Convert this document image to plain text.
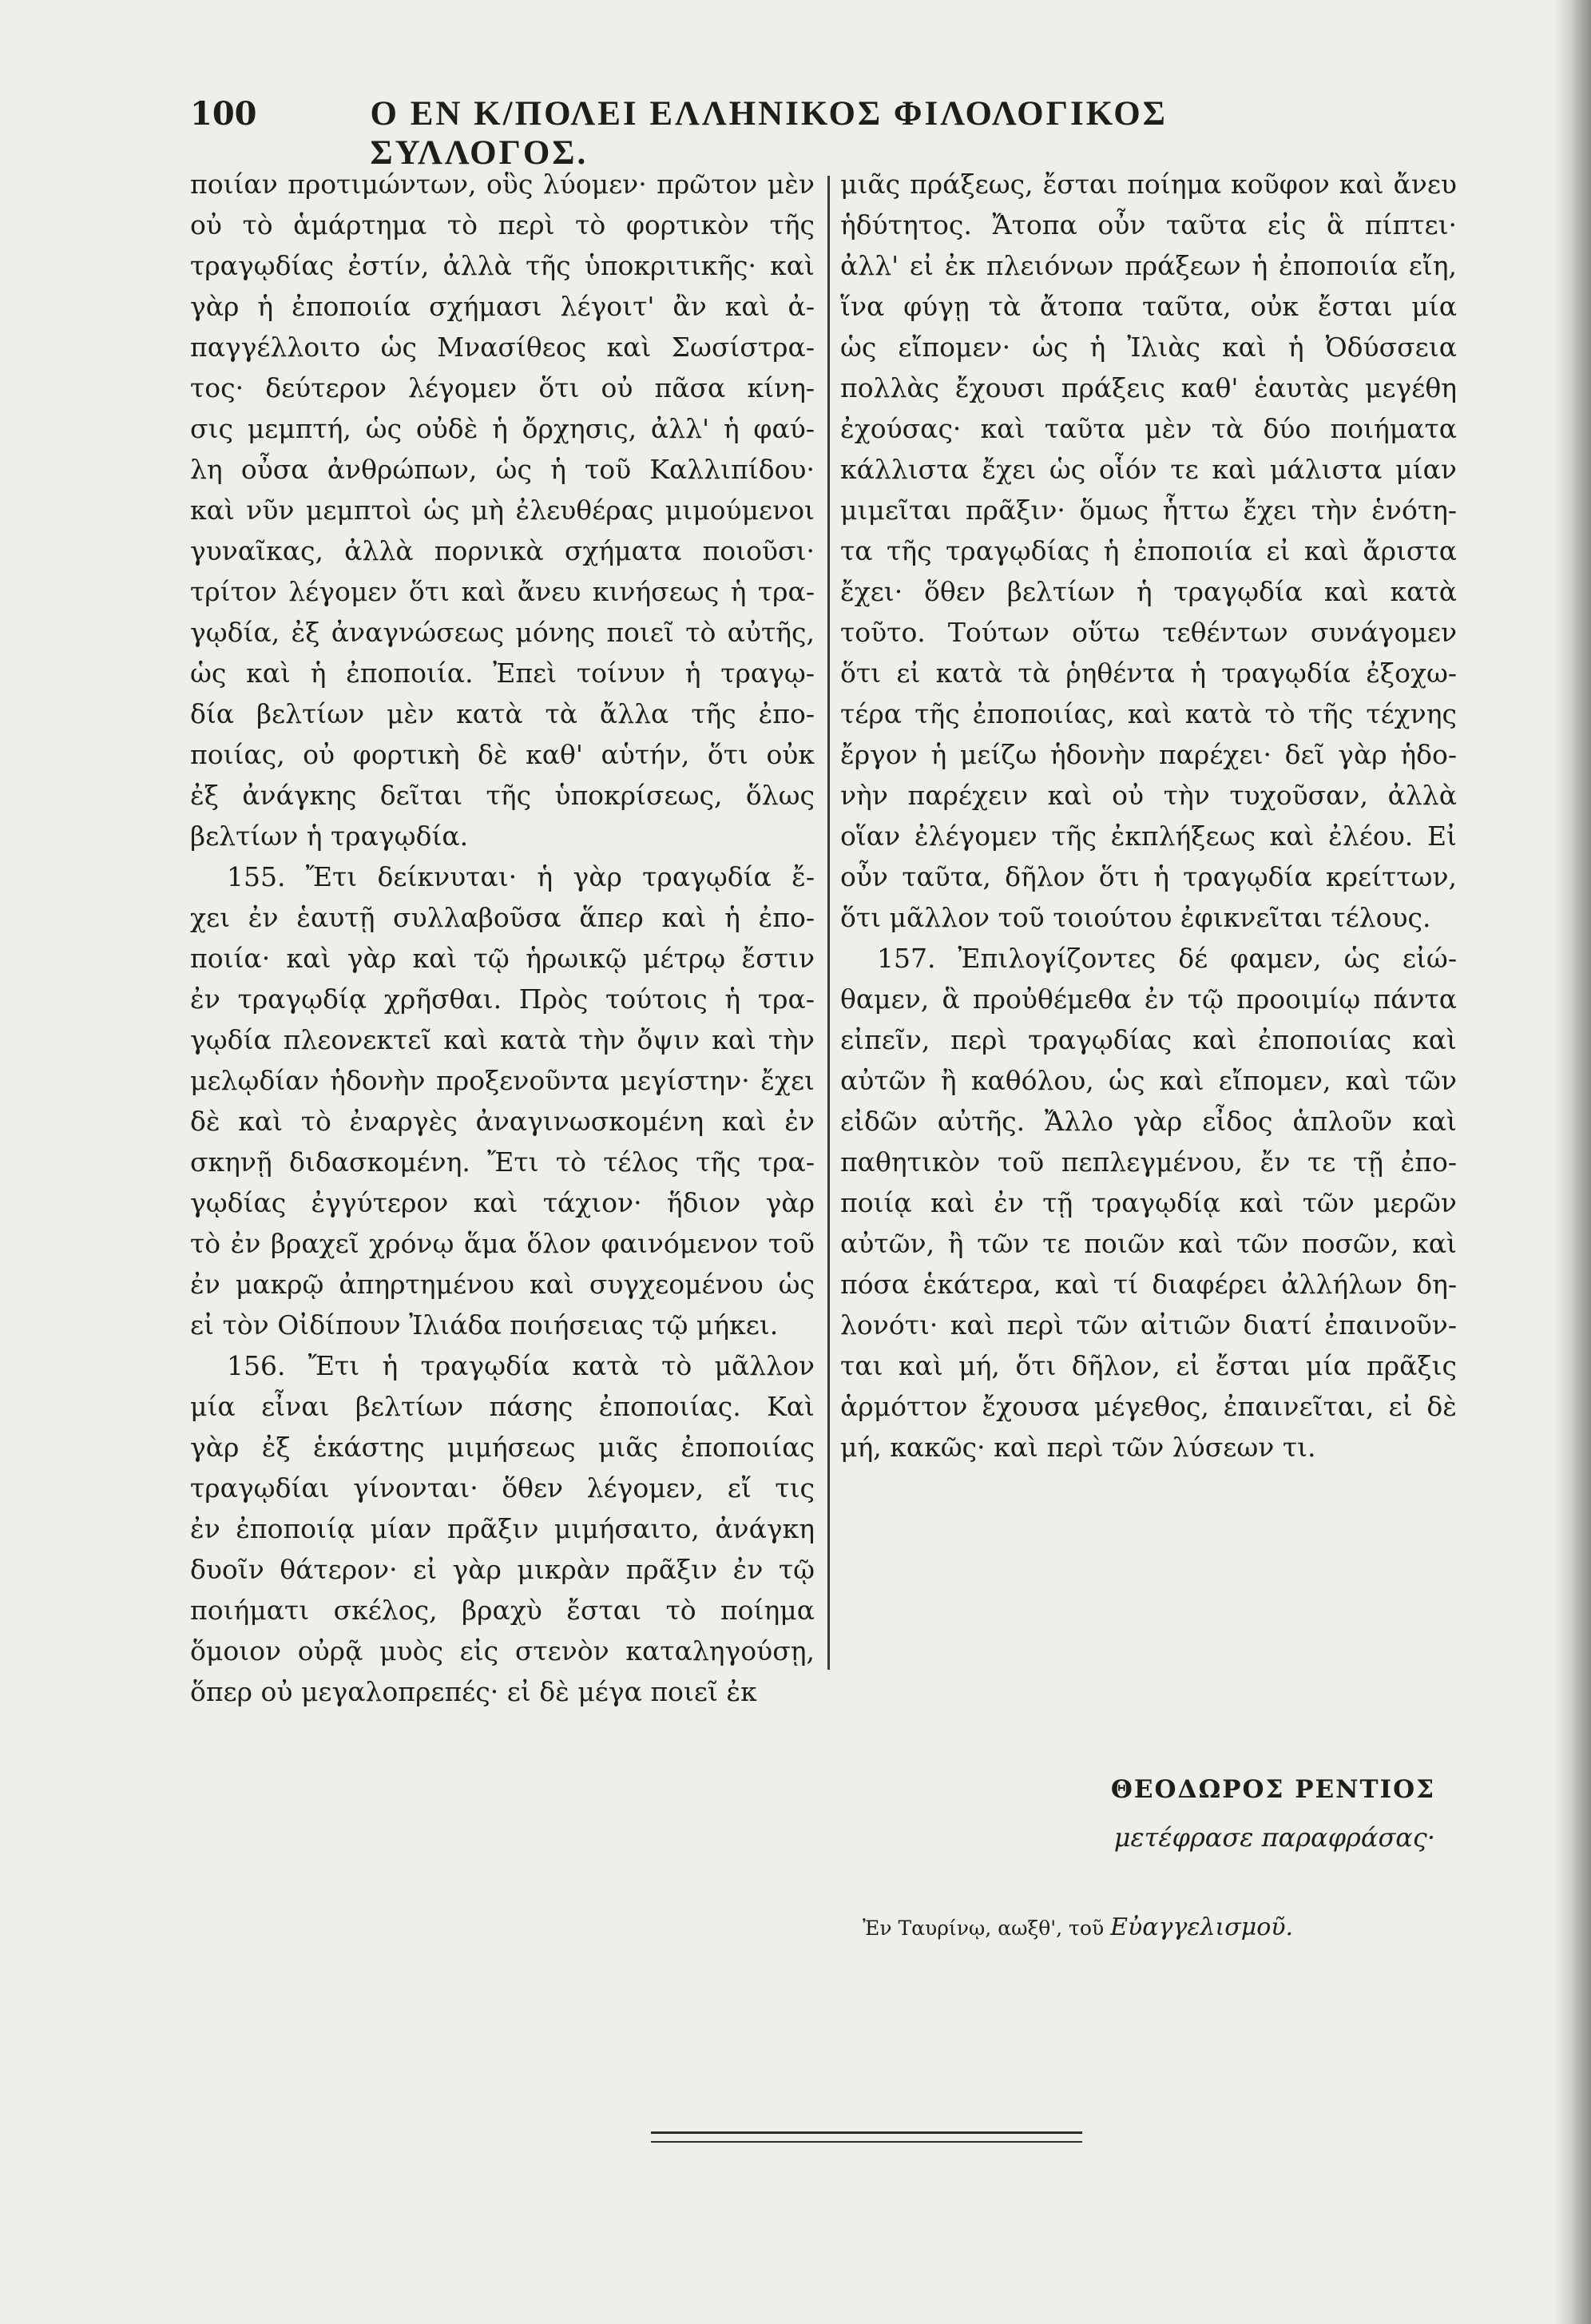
100	Ο ΕΝ Κ/ΠΟΛΕΙ ΕΛΛΗΝΙΚΟΣ ΦΙΛΟΛΟΓΙΚΟΣ ΣΥΛΛΟΓΟΣ.
ποιίαν προτιμώντων, οὓς λύομεν· πρῶτον μὲν
οὐ τὸ ἁμάρτημα τὸ περὶ τὸ φορτικὸν τῆς
τραγῳδίας ἐστίν, ἀλλὰ τῆς ὑποκριτικῆς· καὶ
γὰρ ἡ ἐποποιία σχήμασι λέγοιτ' ἂν καὶ ἀ-
παγγέλλοιτο ὡς Μνασίθεος καὶ Σωσίστρα-
τος· δεύτερον λέγομεν ὅτι οὐ πᾶσα κίνη-
σις μεμπτή, ὡς οὐδὲ ἡ ὄρχησις, ἀλλ' ἡ φαύ-
λη οὖσα ἀνθρώπων, ὡς ἡ τοῦ Καλλιπίδου·
καὶ νῦν μεμπτοὶ ὡς μὴ ἐλευθέρας μιμούμενοι
γυναῖκας, ἀλλὰ πορνικὰ σχήματα ποιοῦσι·
τρίτον λέγομεν ὅτι καὶ ἄνευ κινήσεως ἡ τρα-
γῳδία, ἐξ ἀναγνώσεως μόνης ποιεῖ τὸ αὐτῆς,
ὡς καὶ ἡ ἐποποιία. Ἐπεὶ τοίνυν ἡ τραγῳ-
δία βελτίων μὲν κατὰ τὰ ἄλλα τῆς ἐπο-
ποιίας, οὐ φορτικὴ δὲ καθ' αὑτήν, ὅτι οὐκ
ἐξ ἀνάγκης δεῖται τῆς ὑποκρίσεως, ὅλως
βελτίων ἡ τραγῳδία.
155. Ἔτι δείκνυται· ἡ γὰρ τραγῳδία ἔ-
χει ἐν ἑαυτῇ συλλαβοῦσα ἅπερ καὶ ἡ ἐπο-
ποιία· καὶ γὰρ καὶ τῷ ἡρωικῷ μέτρῳ ἔστιν
ἐν τραγῳδίᾳ χρῆσθαι. Πρὸς τούτοις ἡ τρα-
γῳδία πλεονεκτεῖ καὶ κατὰ τὴν ὄψιν καὶ τὴν
μελῳδίαν ἡδονὴν προξενοῦντα μεγίστην· ἔχει
δὲ καὶ τὸ ἐναργὲς ἀναγινωσκομένη καὶ ἐν
σκηνῇ διδασκομένη. Ἔτι τὸ τέλος τῆς τρα-
γῳδίας ἐγγύτερον καὶ τάχιον· ἥδιον γὰρ
τὸ ἐν βραχεῖ χρόνῳ ἅμα ὅλον φαινόμενον τοῦ
ἐν μακρῷ ἀπηρτημένου καὶ συγχεομένου ὡς
εἰ τὸν Οἰδίπουν Ἰλιάδα ποιήσειας τῷ μήκει.
156. Ἔτι ἡ τραγῳδία κατὰ τὸ μᾶλλον
μία εἶναι βελτίων πάσης ἐποποιίας. Καὶ
γὰρ ἐξ ἑκάστης μιμήσεως μιᾶς ἐποποιίας
τραγῳδίαι γίνονται· ὅθεν λέγομεν, εἴ τις
ἐν ἐποποιίᾳ μίαν πρᾶξιν μιμήσαιτο, ἀνάγκη
δυοῖν θάτερον· εἰ γὰρ μικρὰν πρᾶξιν ἐν τῷ
ποιήματι σκέλος, βραχὺ ἔσται τὸ ποίημα
ὅμοιον οὐρᾷ μυὸς εἰς στενὸν καταληγούσῃ,
ὅπερ οὐ μεγαλοπρεπές· εἰ δὲ μέγα ποιεῖ ἐκ
μιᾶς πράξεως, ἔσται ποίημα κοῦφον καὶ ἄνευ
ἡδύτητος. Ἄτοπα οὖν ταῦτα εἰς ἃ πίπτει·
ἀλλ' εἰ ἐκ πλειόνων πράξεων ἡ ἐποποιία εἴη,
ἵνα φύγῃ τὰ ἄτοπα ταῦτα, οὐκ ἔσται μία
ὡς εἴπομεν· ὡς ἡ Ἰλιὰς καὶ ἡ Ὀδύσσεια
πολλὰς ἔχουσι πράξεις καθ' ἑαυτὰς μεγέθη
ἐχούσας· καὶ ταῦτα μὲν τὰ δύο ποιήματα
κάλλιστα ἔχει ὡς οἷόν τε καὶ μάλιστα μίαν
μιμεῖται πρᾶξιν· ὅμως ἧττω ἔχει τὴν ἑνότη-
τα τῆς τραγῳδίας ἡ ἐποποιία εἰ καὶ ἄριστα
ἔχει· ὅθεν βελτίων ἡ τραγῳδία καὶ κατὰ
τοῦτο. Τούτων οὕτω τεθέντων συνάγομεν
ὅτι εἰ κατὰ τὰ ῥηθέντα ἡ τραγῳδία ἐξοχω-
τέρα τῆς ἐποποιίας, καὶ κατὰ τὸ τῆς τέχνης
ἔργον ἡ μείζω ἡδονὴν παρέχει· δεῖ γὰρ ἡδο-
νὴν παρέχειν καὶ οὐ τὴν τυχοῦσαν, ἀλλὰ
οἵαν ἐλέγομεν τῆς ἐκπλήξεως καὶ ἐλέου. Εἰ
οὖν ταῦτα, δῆλον ὅτι ἡ τραγῳδία κρείττων,
ὅτι μᾶλλον τοῦ τοιούτου ἐφικνεῖται τέλους.
157. Ἐπιλογίζοντες δέ φαμεν, ὡς εἰώ-
θαμεν, ἃ προὐθέμεθα ἐν τῷ προοιμίῳ πάντα
εἰπεῖν, περὶ τραγῳδίας καὶ ἐποποιίας καὶ
αὐτῶν ἢ καθόλου, ὡς καὶ εἴπομεν, καὶ τῶν
εἰδῶν αὐτῆς. Ἄλλο γὰρ εἶδος ἁπλοῦν καὶ
παθητικὸν τοῦ πεπλεγμένου, ἔν τε τῇ ἐπο-
ποιίᾳ καὶ ἐν τῇ τραγῳδίᾳ καὶ τῶν μερῶν
αὐτῶν, ἢ τῶν τε ποιῶν καὶ τῶν ποσῶν, καὶ
πόσα ἑκάτερα, καὶ τί διαφέρει ἀλλήλων δη-
λονότι· καὶ περὶ τῶν αἰτιῶν διατί ἐπαινοῦν-
ται καὶ μή, ὅτι δῆλον, εἰ ἔσται μία πρᾶξις
ἁρμόττον ἔχουσα μέγεθος, ἐπαινεῖται, εἰ δὲ
μή, κακῶς· καὶ περὶ τῶν λύσεων τι.
ΘΕΟΔΩΡΟΣ ΡΕΝΤΙΟΣ
μετέφρασε παραφράσας·
Ἐν Ταυρίνῳ, αωξθ', τοῦ Εὐαγγελισμοῦ.
